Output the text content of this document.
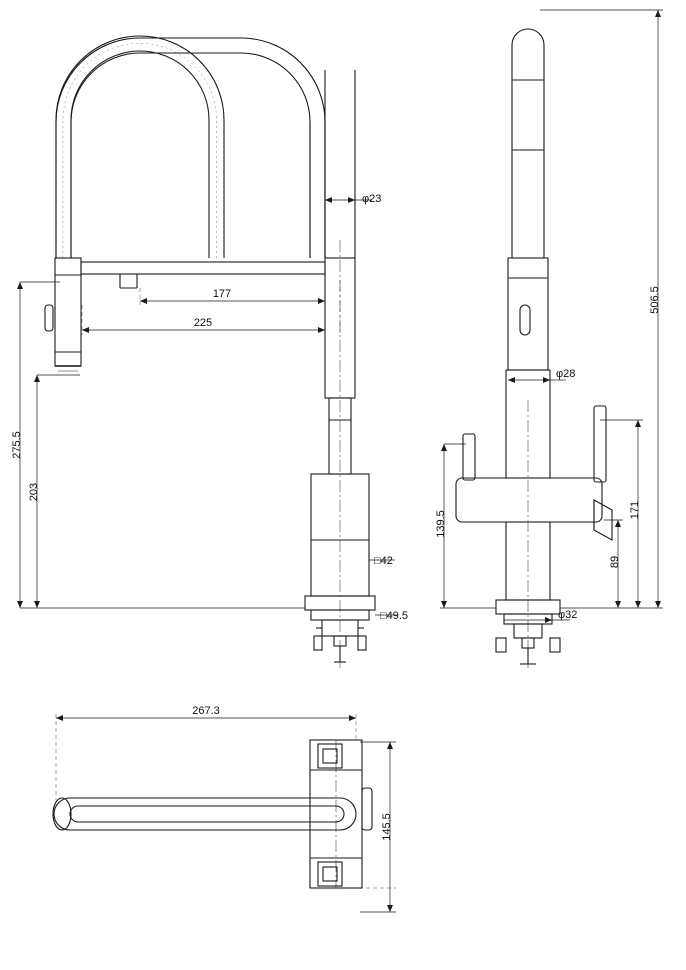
φ23
177
225
275.5
203
□42
□49.5
506.5
φ28
φ32
139.5
171
89
267.3
145.5
